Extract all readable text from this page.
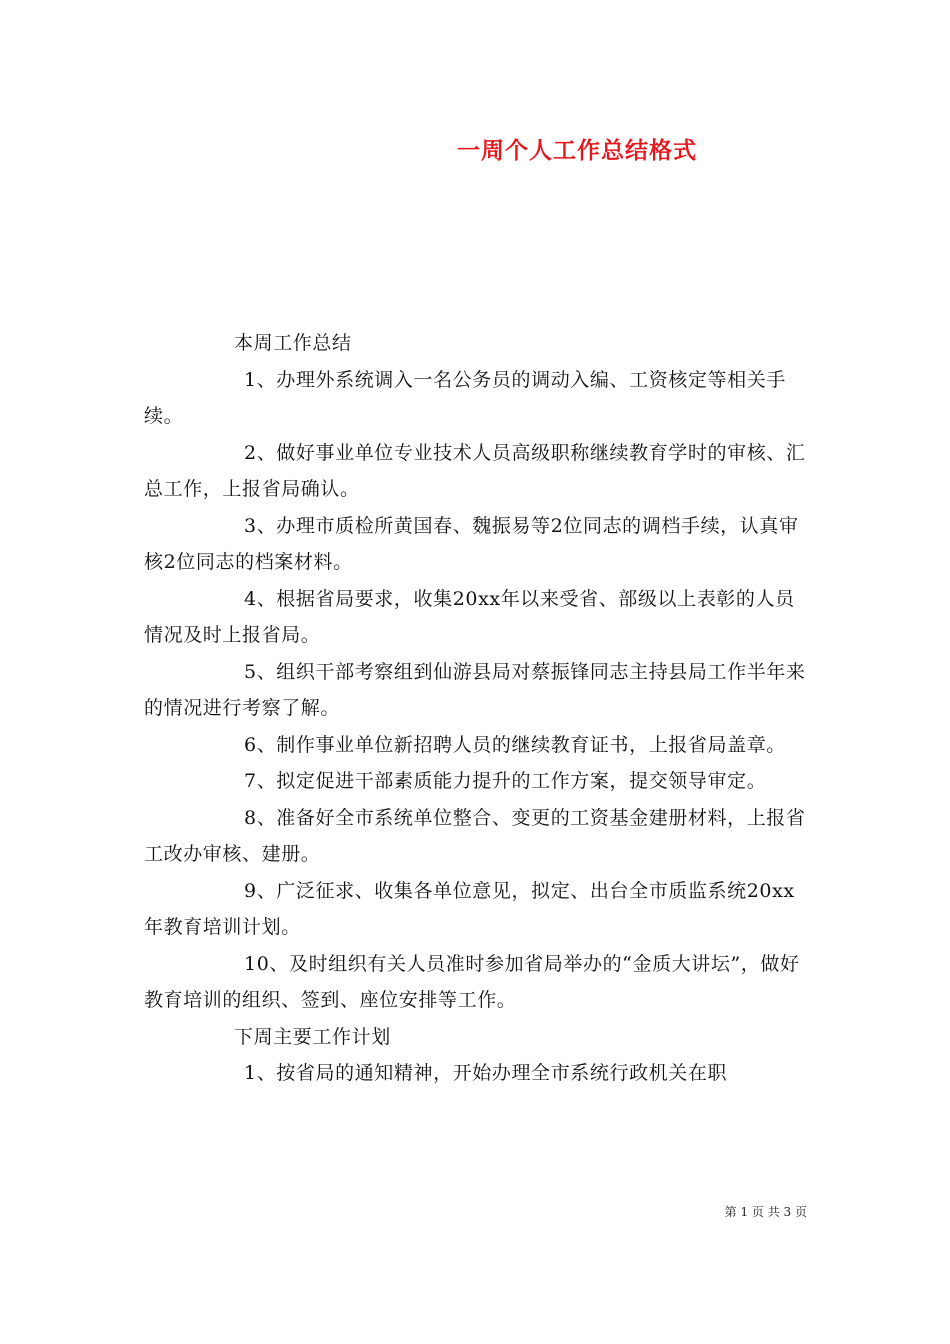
一周个人工作总结格式

本周工作总结

1、办理外系统调入一名公务员的调动入编、工资核定等相关手续。

2、做好事业单位专业技术人员高级职称继续教育学时的审核、汇总工作，上报省局确认。

3、办理市质检所黄国春、魏振易等2位同志的调档手续，认真审核2位同志的档案材料。

4、根据省局要求，收集20xx年以来受省、部级以上表彰的人员情况及时上报省局。

5、组织干部考察组到仙游县局对蔡振锋同志主持县局工作半年来的情况进行考察了解。

6、制作事业单位新招聘人员的继续教育证书，上报省局盖章。

7、拟定促进干部素质能力提升的工作方案，提交领导审定。

8、准备好全市系统单位整合、变更的工资基金建册材料，上报省工改办审核、建册。

9、广泛征求、收集各单位意见，拟定、出台全市质监系统20xx年教育培训计划。

10、及时组织有关人员准时参加省局举办的“金质大讲坛”，做好教育培训的组织、签到、座位安排等工作。

下周主要工作计划

1、按省局的通知精神，开始办理全市系统行政机关在职

第 1 页 共 3 页
